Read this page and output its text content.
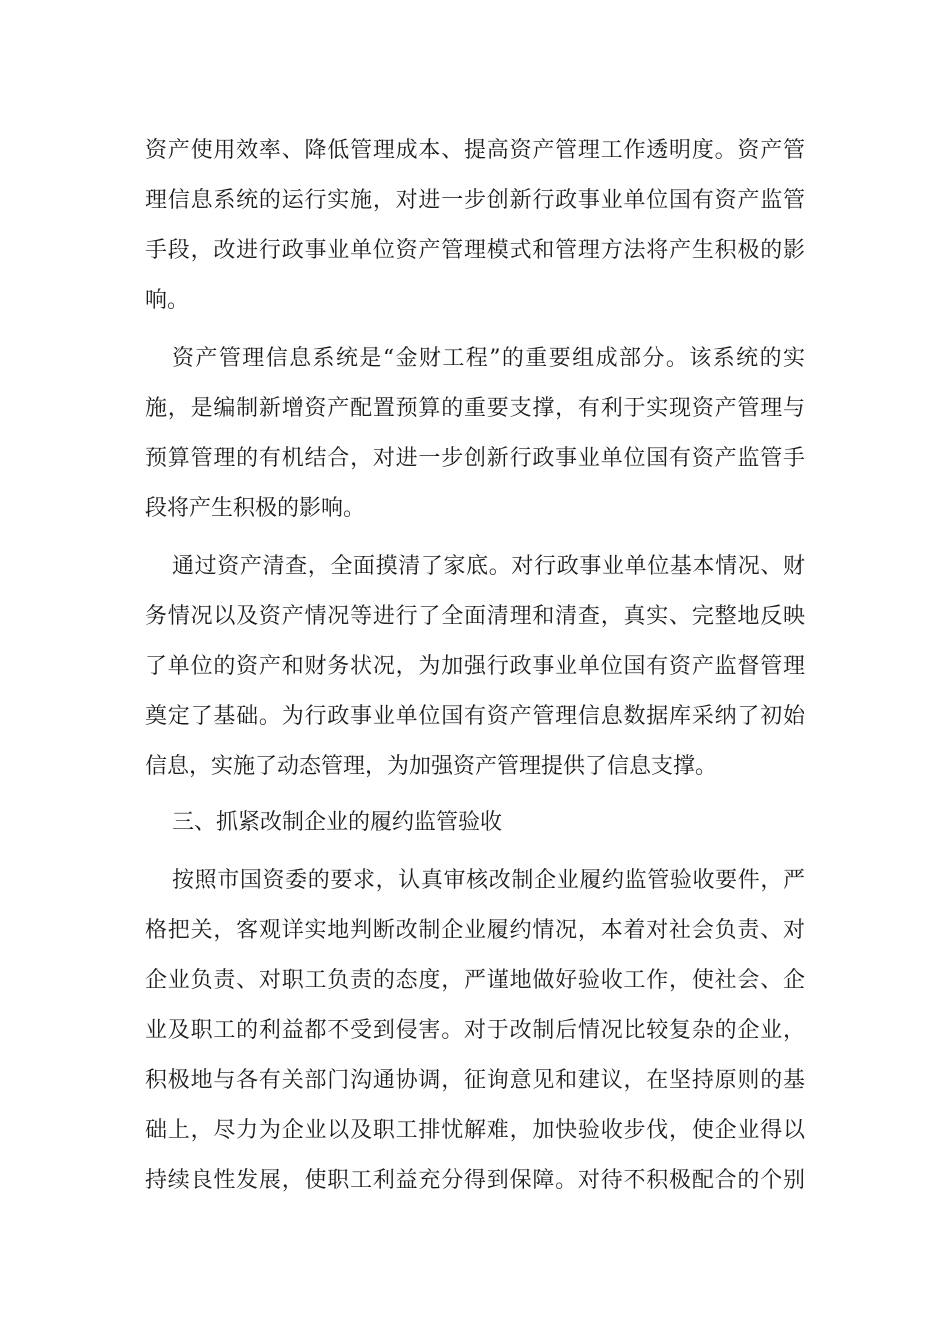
资产使用效率、降低管理成本、提高资产管理工作透明度。资产管
理信息系统的运行实施，对进一步创新行政事业单位国有资产监管
手段，改进行政事业单位资产管理模式和管理方法将产生积极的影
响。
资产管理信息系统是“金财工程”的重要组成部分。该系统的实
施，是编制新增资产配置预算的重要支撑，有利于实现资产管理与
预算管理的有机结合，对进一步创新行政事业单位国有资产监管手
段将产生积极的影响。
通过资产清查，全面摸清了家底。对行政事业单位基本情况、财
务情况以及资产情况等进行了全面清理和清查，真实、完整地反映
了单位的资产和财务状况，为加强行政事业单位国有资产监督管理
奠定了基础。为行政事业单位国有资产管理信息数据库采纳了初始
信息，实施了动态管理，为加强资产管理提供了信息支撑。
三、抓紧改制企业的履约监管验收
按照市国资委的要求，认真审核改制企业履约监管验收要件，严
格把关，客观详实地判断改制企业履约情况，本着对社会负责、对
企业负责、对职工负责的态度，严谨地做好验收工作，使社会、企
业及职工的利益都不受到侵害。对于改制后情况比较复杂的企业，
积极地与各有关部门沟通协调，征询意见和建议，在坚持原则的基
础上，尽力为企业以及职工排忧解难，加快验收步伐，使企业得以
持续良性发展，使职工利益充分得到保障。对待不积极配合的个别
